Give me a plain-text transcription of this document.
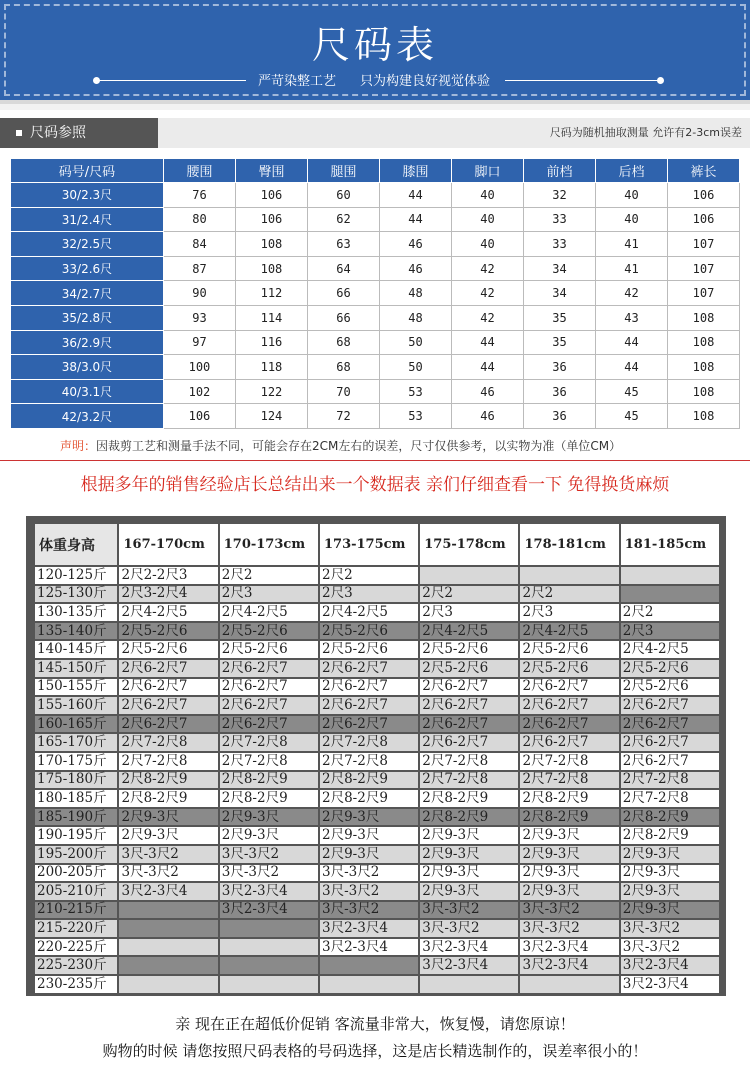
尺码表
严苛染整工艺 只为构建良好视觉体验
尺码参照	尺码为随机抽取测量 允许有2-3cm误差
码号/尺码	腰围	臀围	腿围	膝围	脚口	前档	后档	裤长
30/2.3尺	76	106	60	44	40	32	40	106
31/2.4尺	80	106	62	44	40	33	40	106
32/2.5尺	84	108	63	46	40	33	41	107
33/2.6尺	87	108	64	46	42	34	41	107
34/2.7尺	90	112	66	48	42	34	42	107
35/2.8尺	93	114	66	48	42	35	43	108
36/2.9尺	97	116	68	50	44	35	44	108
38/3.0尺	100	118	68	50	44	36	44	108
40/3.1尺	102	122	70	53	46	36	45	108
42/3.2尺	106	124	72	53	46	36	45	108
声明：因裁剪工艺和测量手法不同，可能会存在2CM左右的误差，尺寸仅供参考，以实物为准（单位CM）
根据多年的销售经验店长总结出来一个数据表 亲们仔细查看一下 免得换货麻烦
体重身高	167-170cm	170-173cm	173-175cm	175-178cm	178-181cm	181-185cm
120-125斤	2尺2-2尺3	2尺2	2尺2			
125-130斤	2尺3-2尺4	2尺3	2尺3	2尺2	2尺2	
130-135斤	2尺4-2尺5	2尺4-2尺5	2尺4-2尺5	2尺3	2尺3	2尺2
135-140斤	2尺5-2尺6	2尺5-2尺6	2尺5-2尺6	2尺4-2尺5	2尺4-2尺5	2尺3
140-145斤	2尺5-2尺6	2尺5-2尺6	2尺5-2尺6	2尺5-2尺6	2尺5-2尺6	2尺4-2尺5
145-150斤	2尺6-2尺7	2尺6-2尺7	2尺6-2尺7	2尺5-2尺6	2尺5-2尺6	2尺5-2尺6
150-155斤	2尺6-2尺7	2尺6-2尺7	2尺6-2尺7	2尺6-2尺7	2尺6-2尺7	2尺5-2尺6
155-160斤	2尺6-2尺7	2尺6-2尺7	2尺6-2尺7	2尺6-2尺7	2尺6-2尺7	2尺6-2尺7
160-165斤	2尺6-2尺7	2尺6-2尺7	2尺6-2尺7	2尺6-2尺7	2尺6-2尺7	2尺6-2尺7
165-170斤	2尺7-2尺8	2尺7-2尺8	2尺7-2尺8	2尺6-2尺7	2尺6-2尺7	2尺6-2尺7
170-175斤	2尺7-2尺8	2尺7-2尺8	2尺7-2尺8	2尺7-2尺8	2尺7-2尺8	2尺6-2尺7
175-180斤	2尺8-2尺9	2尺8-2尺9	2尺8-2尺9	2尺7-2尺8	2尺7-2尺8	2尺7-2尺8
180-185斤	2尺8-2尺9	2尺8-2尺9	2尺8-2尺9	2尺8-2尺9	2尺8-2尺9	2尺7-2尺8
185-190斤	2尺9-3尺	2尺9-3尺	2尺9-3尺	2尺8-2尺9	2尺8-2尺9	2尺8-2尺9
190-195斤	2尺9-3尺	2尺9-3尺	2尺9-3尺	2尺9-3尺	2尺9-3尺	2尺8-2尺9
195-200斤	3尺-3尺2	3尺-3尺2	2尺9-3尺	2尺9-3尺	2尺9-3尺	2尺9-3尺
200-205斤	3尺-3尺2	3尺-3尺2	3尺-3尺2	2尺9-3尺	2尺9-3尺	2尺9-3尺
205-210斤	3尺2-3尺4	3尺2-3尺4	3尺-3尺2	2尺9-3尺	2尺9-3尺	2尺9-3尺
210-215斤		3尺2-3尺4	3尺-3尺2	3尺-3尺2	3尺-3尺2	2尺9-3尺
215-220斤			3尺2-3尺4	3尺-3尺2	3尺-3尺2	3尺-3尺2
220-225斤			3尺2-3尺4	3尺2-3尺4	3尺2-3尺4	3尺-3尺2
225-230斤				3尺2-3尺4	3尺2-3尺4	3尺2-3尺4
230-235斤						3尺2-3尺4
亲 现在正在超低价促销 客流量非常大，恢复慢，请您原谅！
购物的时候 请您按照尺码表格的号码选择，这是店长精选制作的，误差率很小的！
